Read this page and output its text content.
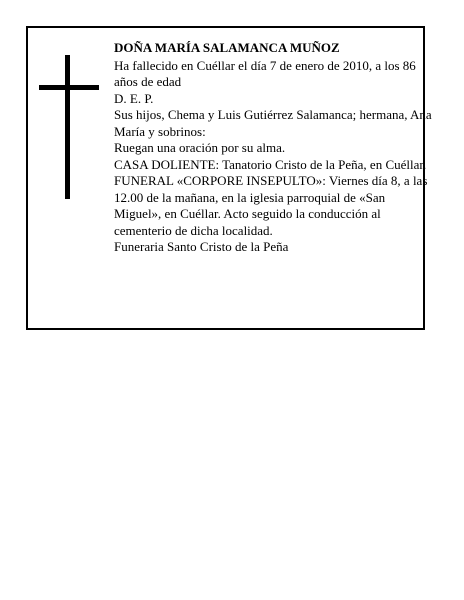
DOÑA MARÍA SALAMANCA MUÑOZ

Ha fallecido en Cuéllar el día 7 de enero de 2010, a los 86 años de edad

D. E. P.

Sus hijos, Chema y Luis Gutiérrez Salamanca; hermana, Ana María y sobrinos:

Ruegan una oración por su alma.

CASA DOLIENTE: Tanatorio Cristo de la Peña, en Cuéllar.

FUNERAL «CORPORE INSEPULTO»: Viernes día 8, a las 12.00 de la mañana, en la iglesia parroquial de «San Miguel», en Cuéllar. Acto seguido la conducción al cementerio de dicha localidad.

Funeraria Santo Cristo de la Peña
